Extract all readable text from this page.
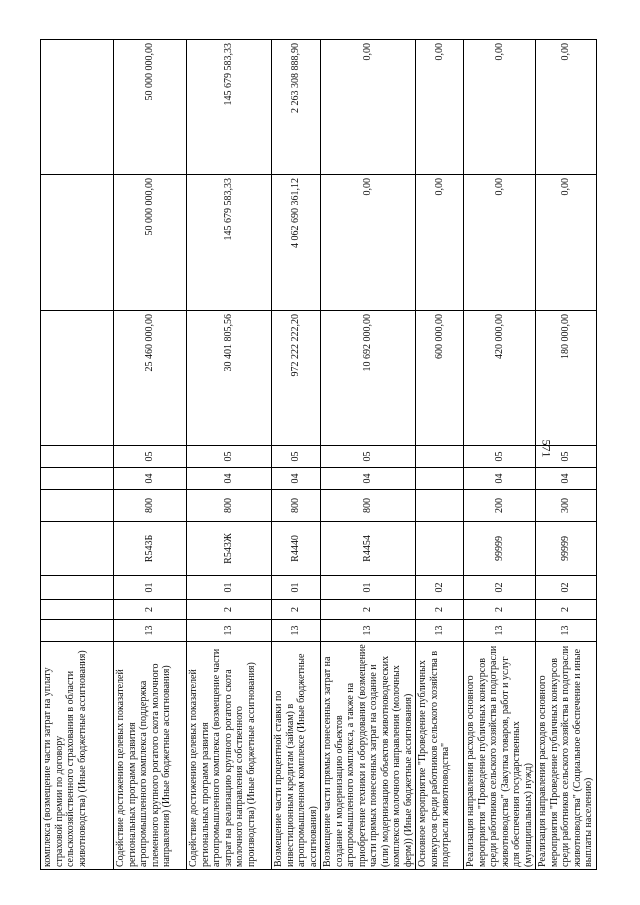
571
комплекса (возмещение части затрат на уплату страховой премии по договору сельскохозяйственного страхования в области животноводства) (Иные бюджетные ассигнования)										
Содействие достижению целевых показателей региональных программ развития агропромышленного комплекса (поддержка племенного крупного рогатого скота молочного направления) (Иные бюджетные ассигнования)	13	2	01	R543Б	800	04	05	25 460 000,00	50 000 000,00	50 000 000,00
Содействие достижению целевых показателей региональных программ развития агропромышленного комплекса (возмещение части затрат на реализацию крупного рогатого скота молочного направления собственного производства) (Иные бюджетные ассигнования)	13	2	01	R543Ж	800	04	05	30 401 805,56	145 679 583,33	145 679 583,33
Возмещение части процентной ставки по инвестиционным кредитам (займам) в агропромышленном комплексе (Иные бюджетные ассигнования)	13	2	01	R4440	800	04	05	972 222 222,20	4 062 690 361,12	2 263 308 888,90
Возмещение части прямых понесенных затрат на создание и модернизацию объектов агропромышленного комплекса, а также на приобретение техники и оборудования (возмещение части прямых понесенных затрат на создание и (или) модернизацию объектов животноводческих комплексов молочного направления (молочных ферм)) (Иные бюджетные ассигнования)	13	2	01	R4454	800	04	05	10 692 000,00	0,00	0,00
Основное мероприятие "Проведение публичных конкурсов среди работников сельского хозяйства в подотрасли животноводства"	13	2	02					600 000,00	0,00	0,00
Реализация направления расходов основного мероприятия "Проведение публичных конкурсов среди работников сельского хозяйства в подотрасли животноводства" (Закупка товаров, работ и услуг для обеспечения государственных (муниципальных) нужд)	13	2	02	99999	200	04	05	420 000,00	0,00	0,00
Реализация направления расходов основного мероприятия "Проведение публичных конкурсов среди работников сельского хозяйства в подотрасли животноводства" (Социальное обеспечение и иные выплаты населению)	13	2	02	99999	300	04	05	180 000,00	0,00	0,00
